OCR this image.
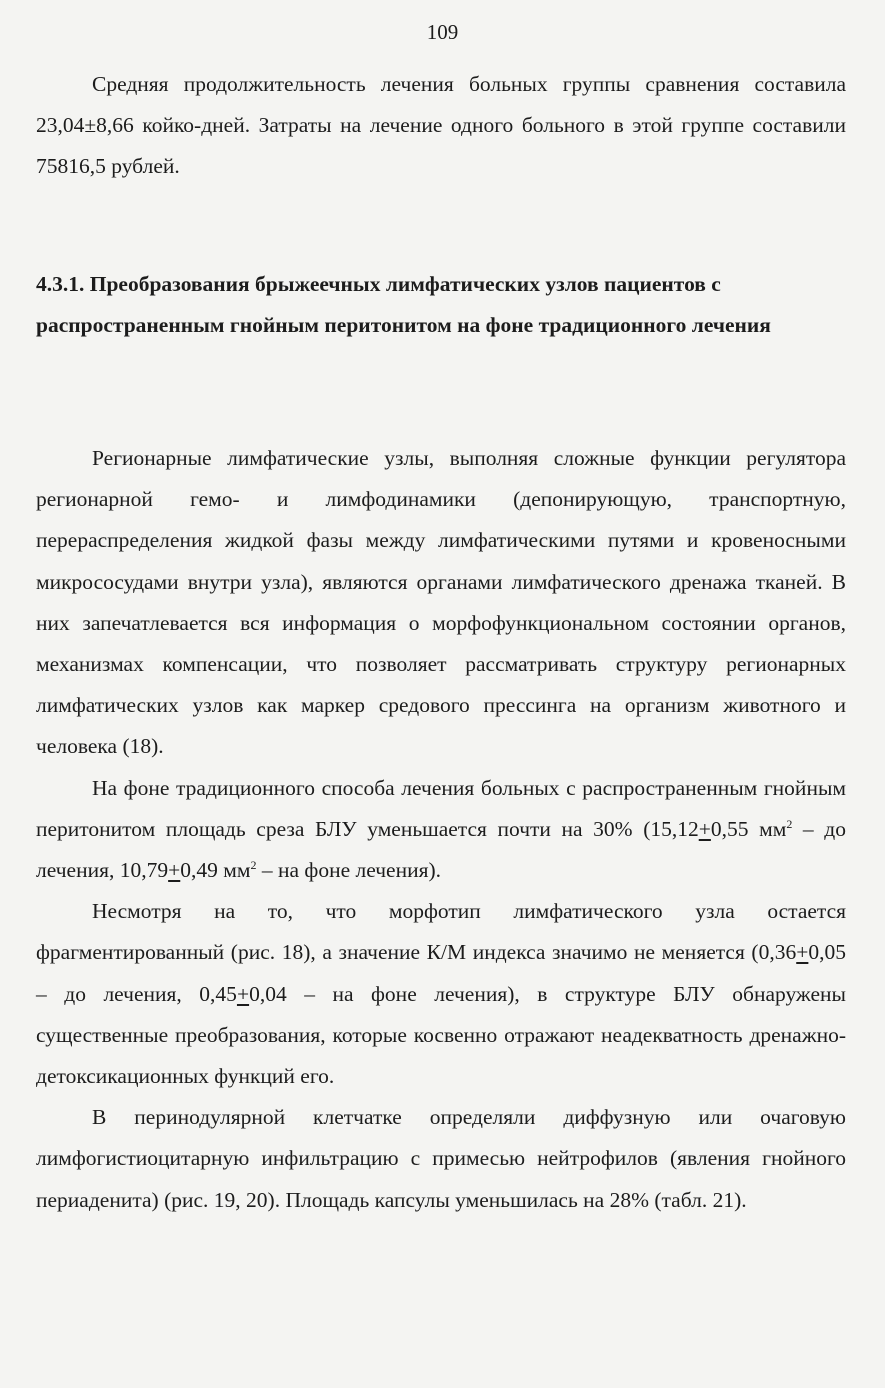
109

Средняя продолжительность лечения больных группы сравнения составила 23,04±8,66 койко-дней. Затраты на лечение одного больного в этой группе составили 75816,5 рублей.

4.3.1. Преобразования брыжеечных лимфатических узлов пациентов с распространенным гнойным перитонитом на фоне традиционного лечения

Регионарные лимфатические узлы, выполняя сложные функции регулятора регионарной гемо- и лимфодинамики (депонирующую, транспортную, перераспределения жидкой фазы между лимфатическими путями и кровеносными микрососудами внутри узла), являются органами лимфатического дренажа тканей. В них запечатлевается вся информация о морфофункциональном состоянии органов, механизмах компенсации, что позволяет рассматривать структуру регионарных лимфатических узлов как маркер средового прессинга на организм животного и человека (18).

На фоне традиционного способа лечения больных с распространенным гнойным перитонитом площадь среза БЛУ уменьшается почти на 30% (15,12+0,55 $мм^2$ – до лечения, 10,79+0,49 $мм^2$ – на фоне лечения).

Несмотря на то, что морфотип лимфатического узла остается фрагментированный (рис. 18), а значение К/М индекса значимо не меняется (0,36+0,05 – до лечения, 0,45+0,04 – на фоне лечения), в структуре БЛУ обнаружены существенные преобразования, которые косвенно отражают неадекватность дренажно-детоксикационных функций его.

В перинодулярной клетчатке определяли диффузную или очаговую лимфогистиоцитарную инфильтрацию с примесью нейтрофилов (явления гнойного периаденита) (рис. 19, 20). Площадь капсулы уменьшилась на 28% (табл. 21).
